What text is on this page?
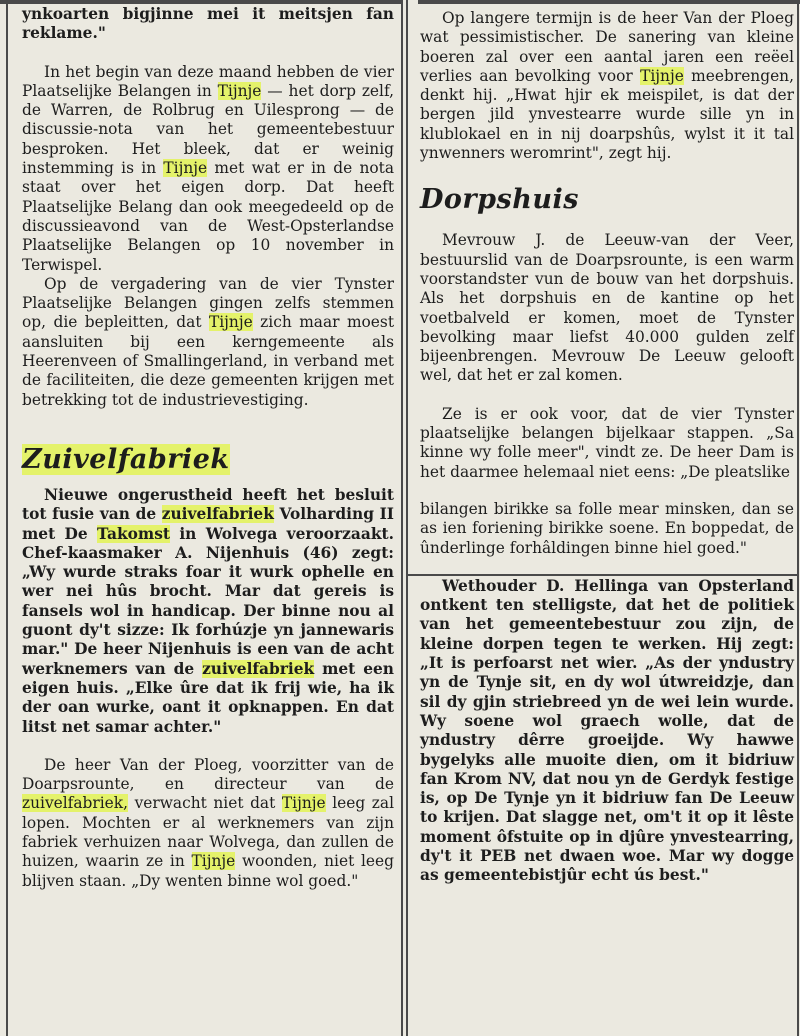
ynkoarten bigjinne mei it meitsjen fan reklame."

In het begin van deze maand hebben de vier Plaatselijke Belangen in Tijnje — het dorp zelf, de Warren, de Rolbrug en Uilesprong — de discussie-nota van het gemeentebestuur besproken. Het bleek, dat er weinig instemming is in Tijnje met wat er in de nota staat over het eigen dorp. Dat heeft Plaatselijke Belang dan ook meegedeeld op de discussieavond van de West-Opsterlandse Plaatselijke Belangen op 10 november in Terwispel.

Op de vergadering van de vier Tynster Plaatselijke Belangen gingen zelfs stemmen op, die bepleitten, dat Tijnje zich maar moest aansluiten bij een kerngemeente als Heerenveen of Smallingerland, in verband met de faciliteiten, die deze gemeenten krijgen met betrekking tot de industrievestiging.

Zuivelfabriek

Nieuwe ongerustheid heeft het besluit tot fusie van de zuivelfabriek Volharding II met De Takomst in Wolvega veroorzaakt. Chef-kaasmaker A. Nijenhuis (46) zegt: „Wy wurde straks foar it wurk ophelle en wer nei hûs brocht. Mar dat gereis is fansels wol in handicap. Der binne nou al guont dy't sizze: Ik forhúzje yn jannewaris mar." De heer Nijenhuis is een van de acht werknemers van de zuivelfabriek met een eigen huis. „Elke ûre dat ik frij wie, ha ik der oan wurke, oant it opknappen. En dat litst net samar achter."

De heer Van der Ploeg, voorzitter van de Doarpsrounte, en directeur van de zuivelfabriek, verwacht niet dat Tijnje leeg zal lopen. Mochten er al werknemers van zijn fabriek verhuizen naar Wolvega, dan zullen de huizen, waarin ze in Tijnje woonden, niet leeg blijven staan. „Dy wenten binne wol goed."

Op langere termijn is de heer Van der Ploeg wat pessimistischer. De sanering van kleine boeren zal over een aantal jaren een reëel verlies aan bevolking voor Tijnje meebrengen, denkt hij. „Hwat hjir ek meispilet, is dat der bergen jild ynvestearre wurde sille yn in klublokael en in nij doarpshûs, wylst it it tal ynwenners weromrint", zegt hij.

Dorpshuis

Mevrouw J. de Leeuw-van der Veer, bestuurslid van de Doarpsrounte, is een warm voorstandster vun de bouw van het dorpshuis. Als het dorpshuis en de kantine op het voetbalveld er komen, moet de Tynster bevolking maar liefst 40.000 gulden zelf bijeenbrengen. Mevrouw De Leeuw gelooft wel, dat het er zal komen.

Ze is er ook voor, dat de vier Tynster plaatselijke belangen bijelkaar stappen. „Sa kinne wy folle meer", vindt ze. De heer Dam is het daarmee helemaal niet eens: „De pleatslike

bilangen birikke sa folle mear minsken, dan se as ien foriening birikke soene. En boppedat, de ûnderlinge forhâldingen binne hiel goed."

Wethouder D. Hellinga van Opsterland ontkent ten stelligste, dat het de politiek van het gemeentebestuur zou zijn, de kleine dorpen tegen te werken. Hij zegt: „It is perfoarst net wier. „As der yndustry yn de Tynje sit, en dy wol útwreidzje, dan sil dy gjin striebreed yn de wei lein wurde. Wy soene wol graech wolle, dat de yndustry dêrre groeijde. Wy hawwe bygelyks alle muoite dien, om it bidriuw fan Krom NV, dat nou yn de Gerdyk festige is, op De Tynje yn it bidriuw fan De Leeuw to krijen. Dat slagge net, om't it op it lêste moment ôfstuite op in djûre ynvestearring, dy't it PEB net dwaen woe. Mar wy dogge as gemeentebistjûr echt ús best."
